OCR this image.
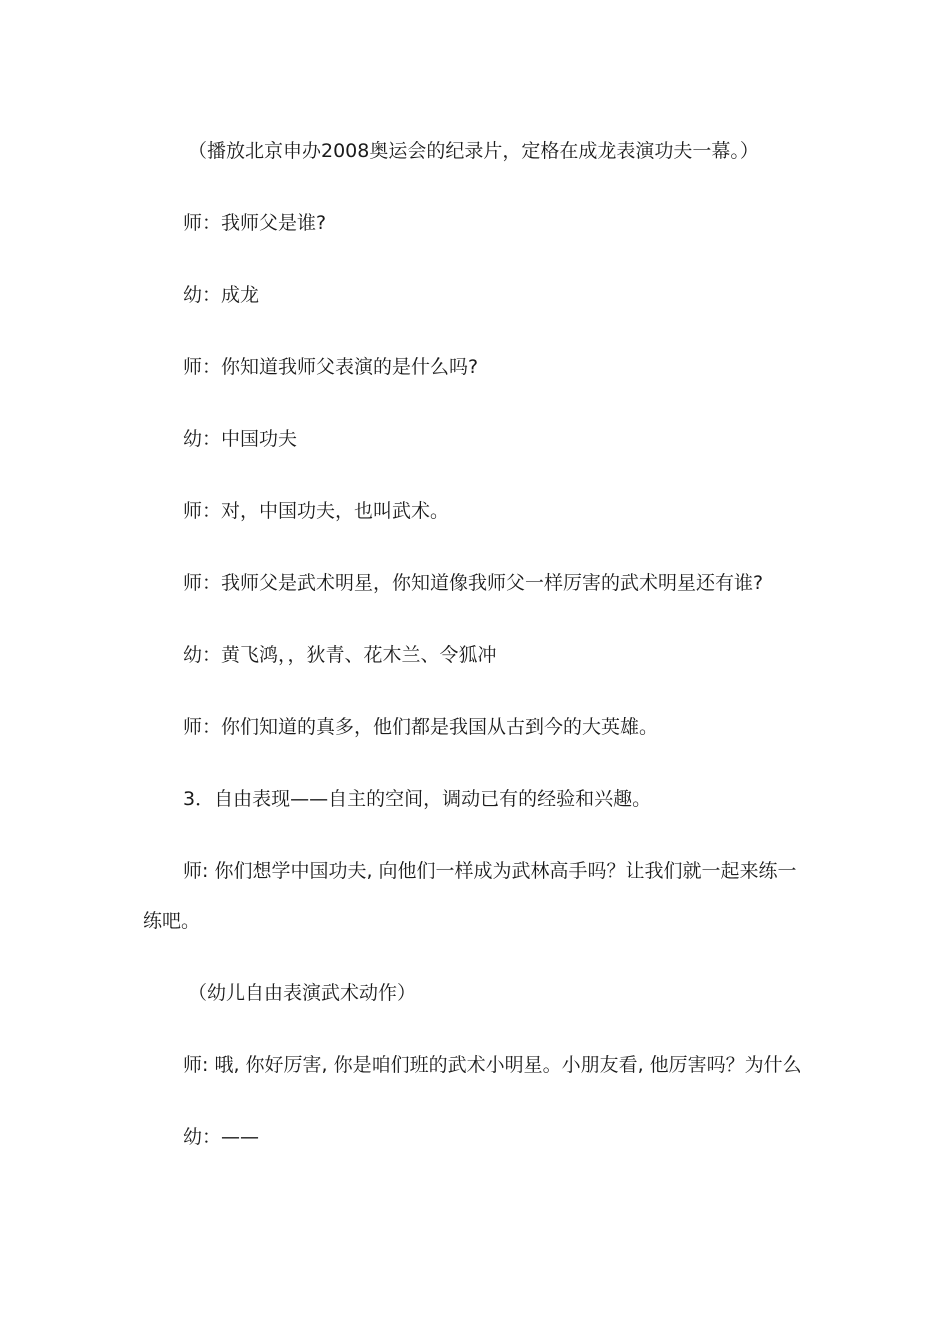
（播放北京申办2008奥运会的纪录片，定格在成龙表演功夫一幕。）
师：我师父是谁?
幼：成龙
师：你知道我师父表演的是什么吗?
幼：中国功夫
师：对，中国功夫，也叫武术。
师：我师父是武术明星，你知道像我师父一样厉害的武术明星还有谁?
幼：黄飞鸿，，狄青、花木兰、令狐冲
师：你们知道的真多，他们都是我国从古到今的大英雄。
3．自由表现——自主的空间，调动已有的经验和兴趣。
师: 你们想学中国功夫, 向他们一样成为武林高手吗？让我们就一起来练一
练吧。
（幼儿自由表演武术动作）
师: 哦, 你好厉害, 你是咱们班的武术小明星。小朋友看, 他厉害吗？为什么
幼：——
